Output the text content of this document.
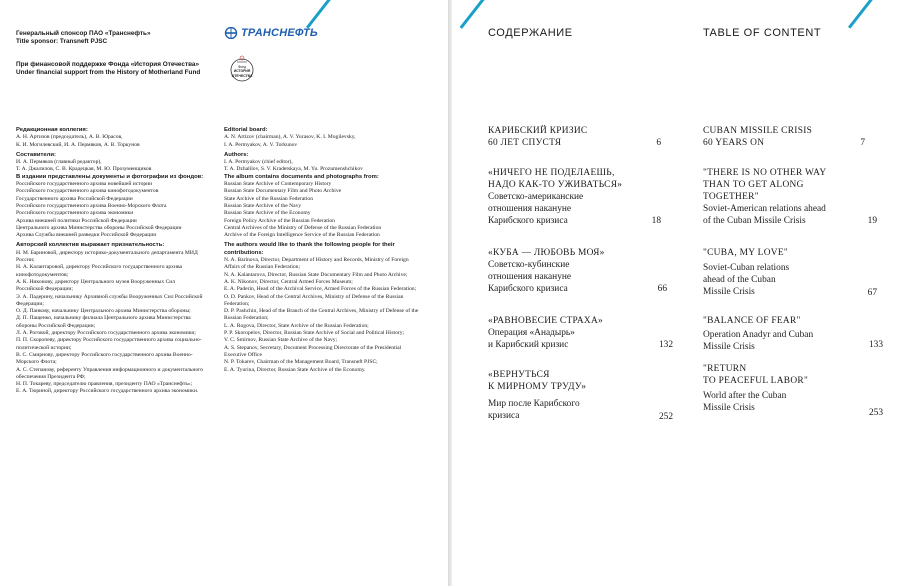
Генеральный спонсор ПАО «Транснефть»
Title sponsor: Transneft PJSC
При финансовой поддержке Фонда «История Отечества»
Under financial support from the History of Motherland Fund
ТРАНСНЕФТЬ
Фонд
ИСТОРИЯ
ОТЕЧЕСТВА
Редакционная коллегия:
А. Н. Артизов (председатель), А. В. Юрасов,
К. И. Могилевский, И. А. Пермяков, А. В. Торкунов
Составители:
И. А. Пермяков (главный редактор),
Т. А. Джалилов, С. В. Крадецкая, М. Ю. Прозуменщиков
В издании представлены документы и фотографии из фондов:
Российского государственного архива новейшей истории
Российского государственного архива кинофотодокументов
Государственного архива Российской Федерации
Российского государственного архива Военно-Морского Флота
Российского государственного архива экономики
Архива внешней политики Российской Федерации
Центрального архива Министерства обороны Российской Федерации
Архива Службы внешней разведки Российской Федерации
Авторский коллектив выражает признательность:
Н. М. Бариновой, директору историко-документального департамента МИД России;
Н. А. Калантаровой, директору Российского государственного архива кинофотодокументов;
А. К. Никонову, директору Центрального музея Вооруженных Сил Российской Федерации;
Э. А. Падерину, начальнику Архивной службы Вооруженных Сил Российской Федерации;
О. Д. Панкову, начальнику Центрального архива Министерства обороны;
Д. П. Пащенко, начальнику филиала Центрального архива Министерства обороны Российской Федерации;
Л. А. Роговой, директору Российского государственного архива экономики;
П. П. Скоропеву, директору Российского государственного архива социально-политической истории;
В. С. Смирнову, директору Российского государственного архива Военно-Морского Флота;
А. С. Степанову, референту Управления информационного и документального обеспечения Президента РФ;
Н. П. Токареву, председателю правления, президенту ПАО «Транснефть»;
Е. А. Тюриной, директору Российского государственного архива экономики.
Editorial board:
A. N. Artizov (chairman), A. V. Yurasov, K. I. Mogilevsky,
I. A. Permyakov, A. V. Torkunov
Authors:
I. A. Permyakov (chief editor),
T. A. Dzhalilov, S. V. Kradetskaya, M. Yu. Prozumenshchikov
The album contains documents and photographs from:
Russian State Archive of Contemporary History
Russian State Documentary Film and Photo Archive
State Archive of the Russian Federation
Russian State Archive of the Navy
Russian State Archive of the Economy
Foreign Policy Archive of the Russian Federation
Central Archives of the Ministry of Defense of the Russian Federation
Archive of the Foreign Intelligence Service of the Russian Federation
The authors would like to thank the following people for their contributions:
N. A. Barinova, Director, Department of History and Records, Ministry of Foreign Affairs of the Russian Federation;
N. A. Kalantarova, Director, Russian State Documentary Film and Photo Archive;
A. K. Nikonov, Director, Central Armed Forces Museum;
E. A. Paderin, Head of the Archival Service, Armed Forces of the Russian Federation;
O. D. Pankov, Head of the Central Archives, Ministry of Defense of the Russian Federation;
D. P. Pashchin, Head of the Branch of the Central Archives, Ministry of Defense of the Russian Federation;
L. A. Rogova, Director, State Archive of the Russian Federation;
P. P. Skoropelov, Director, Russian State Archive of Social and Political History;
V. C. Smirnov, Russian State Archive of the Navy;
A. S. Stepanov, Secretary, Document Processing Directorate of the Presidential Executive Office
N. P. Tokarev, Chairman of the Management Board, Transneft PJSC;
E. A. Tyurina, Director, Russian State Archive of the Economy.
СОДЕРЖАНИЕ	TABLE OF CONTENT
КАРИБСКИЙ КРИЗИС
60 ЛЕТ СПУСТЯ	6
«НИЧЕГО НЕ ПОДЕЛАЕШЬ,
НАДО КАК-ТО УЖИВАТЬСЯ»
Советско-американские
отношения накануне
Карибского кризиса	18
«КУБА — ЛЮБОВЬ МОЯ»
Советско-кубинские
отношения накануне
Карибского кризиса	66
«РАВНОВЕСИЕ СТРАХА»
Операция «Анадырь»
и Карибский кризис	132
«ВЕРНУТЬСЯ
К МИРНОМУ ТРУДУ»
Мир после Карибского
кризиса	252
CUBAN MISSILE CRISIS
60 YEARS ON	7
"THERE IS NO OTHER WAY
THAN TO GET ALONG
TOGETHER"
Soviet-American relations ahead
of the Cuban Missile Crisis	19
"CUBA, MY LOVE"
Soviet-Cuban relations
ahead of the Cuban
Missile Crisis	67
"BALANCE OF FEAR"
Operation Anadyr and Cuban
Missile Crisis	133
"RETURN
TO PEACEFUL LABOR"
World after the Cuban
Missile Crisis	253
